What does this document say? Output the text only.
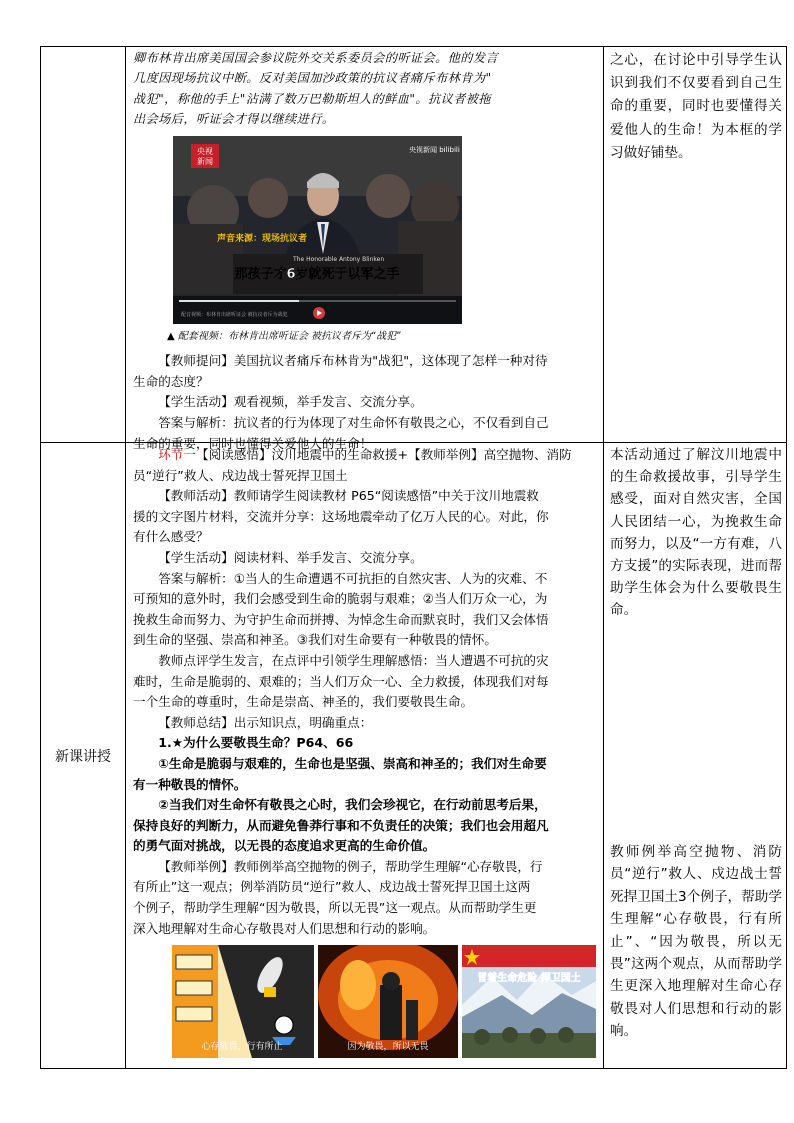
卿布林肯出席美国国会参议院外交关系委员会的听证会。他的发言

几度因现场抗议中断。反对美国加沙政策的抗议者痛斥布林肯为"

战犯"，称他的手上"沾满了数万巴勒斯坦人的鲜血"。抗议者被拖

出会场后，听证会才得以继续进行。

央视
新闻
央视新闻 bilibili
声音来源：现场抗议者
The Honorable Antony Blinken
那孩子才6岁就死于以军之手
配音视频：布林肯出席听证会 被抗议者斥为战犯

▲ 配套视频：布林肯出席听证会 被抗议者斥为“战犯”

【教师提问】美国抗议者痛斥布林肯为"战犯"，这体现了怎样一种对待

生命的态度？

【学生活动】观看视频，举手发言、交流分享。

答案与解析：抗议者的行为体现了对生命怀有敬畏之心，不仅看到自己

生命的重要，同时也懂得关爱他人的生命！

之心，在讨论中引导学生认识到我们不仅要看到自己生命的重要，同时也要懂得关爱他人的生命！为本框的学习做好铺垫。

新课讲授

环节一【阅读感悟】汶川地震中的生命救援+【教师举例】高空抛物、消防

员“逆行”救人、戍边战士誓死捍卫国土

【教师活动】教师请学生阅读教材 P65“阅读感悟”中关于汶川地震救

援的文字图片材料，交流并分享：这场地震牵动了亿万人民的心。对此，你

有什么感受？

【学生活动】阅读材料、举手发言、交流分享。

答案与解析：①当人的生命遭遇不可抗拒的自然灾害、人为的灾难、不

可预知的意外时，我们会感受到生命的脆弱与艰难；②当人们万众一心，为

挽救生命而努力、为守护生命而拼搏、为悼念生命而默哀时，我们又会体悟

到生命的坚强、崇高和神圣。③我们对生命要有一种敬畏的情怀。

教师点评学生发言，在点评中引领学生理解感悟：当人遭遇不可抗的灾

难时，生命是脆弱的、艰难的；当人们万众一心、全力救援，体现我们对每

一个生命的尊重时，生命是崇高、神圣的，我们要敬畏生命。

【教师总结】出示知识点，明确重点：

1.★为什么要敬畏生命？P64、66

①生命是脆弱与艰难的，生命也是坚强、崇高和神圣的；我们对生命要

有一种敬畏的情怀。

②当我们对生命怀有敬畏之心时，我们会珍视它，在行动前思考后果，

保持良好的判断力，从而避免鲁莽行事和不负责任的决策；我们也会用超凡

的勇气面对挑战，以无畏的态度追求更高的生命价值。

【教师举例】教师例举高空抛物的例子，帮助学生理解“心存敬畏，行

有所止”这一观点；例举消防员“逆行”救人、戍边战士誓死捍卫国土这两

个例子，帮助学生理解“因为敬畏，所以无畏”这一观点。从而帮助学生更

深入地理解对生命心存敬畏对人们思想和行动的影响。

心存敬畏，行有所止	因为敬畏，所以无畏
冒着生命危险 捍卫国土

本活动通过了解汶川地震中的生命救援故事，引导学生感受，面对自然灾害，全国人民团结一心，为挽救生命而努力，以及“一方有难，八方支援”的实际表现，进而帮助学生体会为什么要敬畏生命。

教师例举高空抛物、消防员“逆行”救人、戍边战士誓死捍卫国土3个例子，帮助学生理解“心存敬畏，行有所止”、“因为敬畏，所以无畏”这两个观点，从而帮助学生更深入地理解对生命心存敬畏对人们思想和行动的影响。
